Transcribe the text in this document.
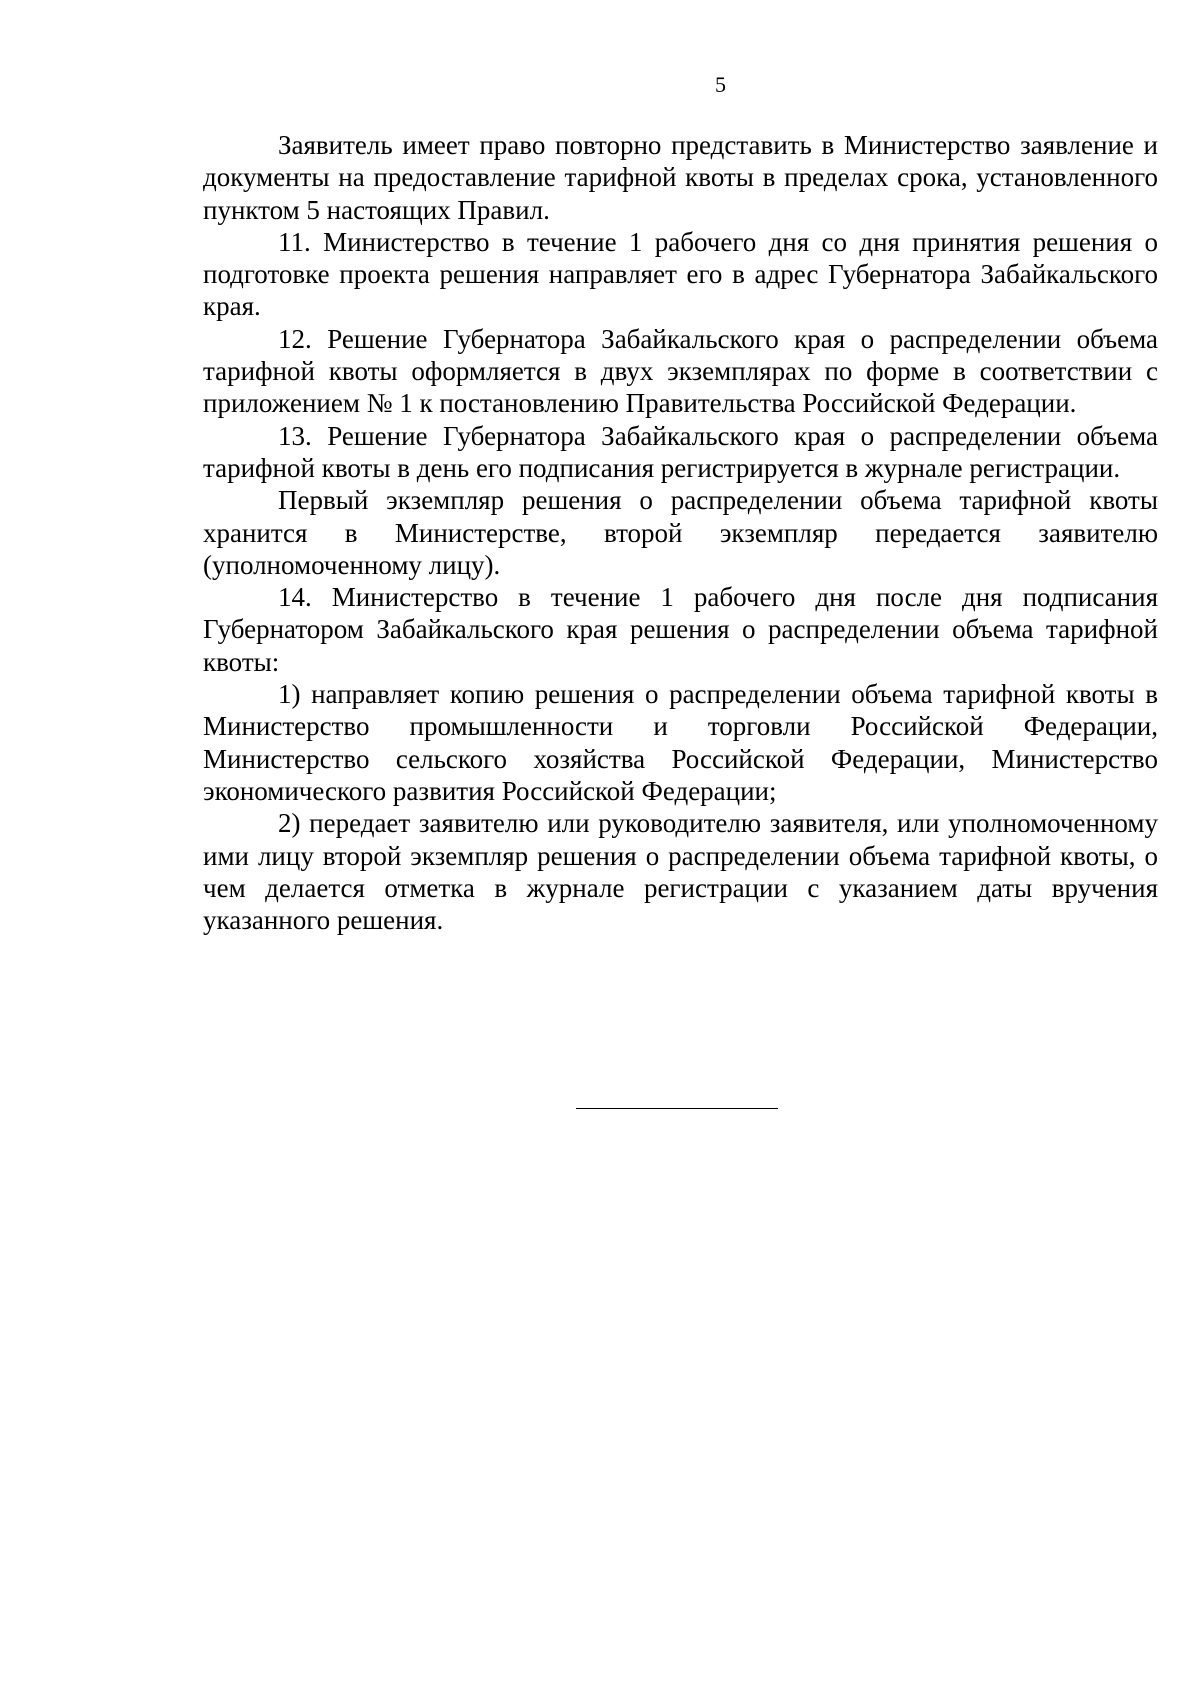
5

Заявитель имеет право повторно представить в Министерство заявление и документы на предоставление тарифной квоты в пределах срока, установленного пунктом 5 настоящих Правил.

11. Министерство в течение 1 рабочего дня со дня принятия решения о подготовке проекта решения направляет его в адрес Губернатора Забайкальского края.

12. Решение Губернатора Забайкальского края о распределении объема тарифной квоты оформляется в двух экземплярах по форме в соответствии с приложением № 1 к постановлению Правительства Российской Федерации.

13. Решение Губернатора Забайкальского края о распределении объема тарифной квоты в день его подписания регистрируется в журнале регистрации.

Первый экземпляр решения о распределении объема тарифной квоты хранится в Министерстве, второй экземпляр передается заявителю (уполномоченному лицу).

14. Министерство в течение 1 рабочего дня после дня подписания Губернатором Забайкальского края решения о распределении объема тарифной квоты:

1) направляет копию решения о распределении объема тарифной квоты в Министерство промышленности и торговли Российской Федерации, Министерство сельского хозяйства Российской Федерации, Министерство экономического развития Российской Федерации;

2) передает заявителю или руководителю заявителя, или уполномоченному ими лицу второй экземпляр решения о распределении объема тарифной квоты, о чем делается отметка в журнале регистрации с указанием даты вручения указанного решения.
